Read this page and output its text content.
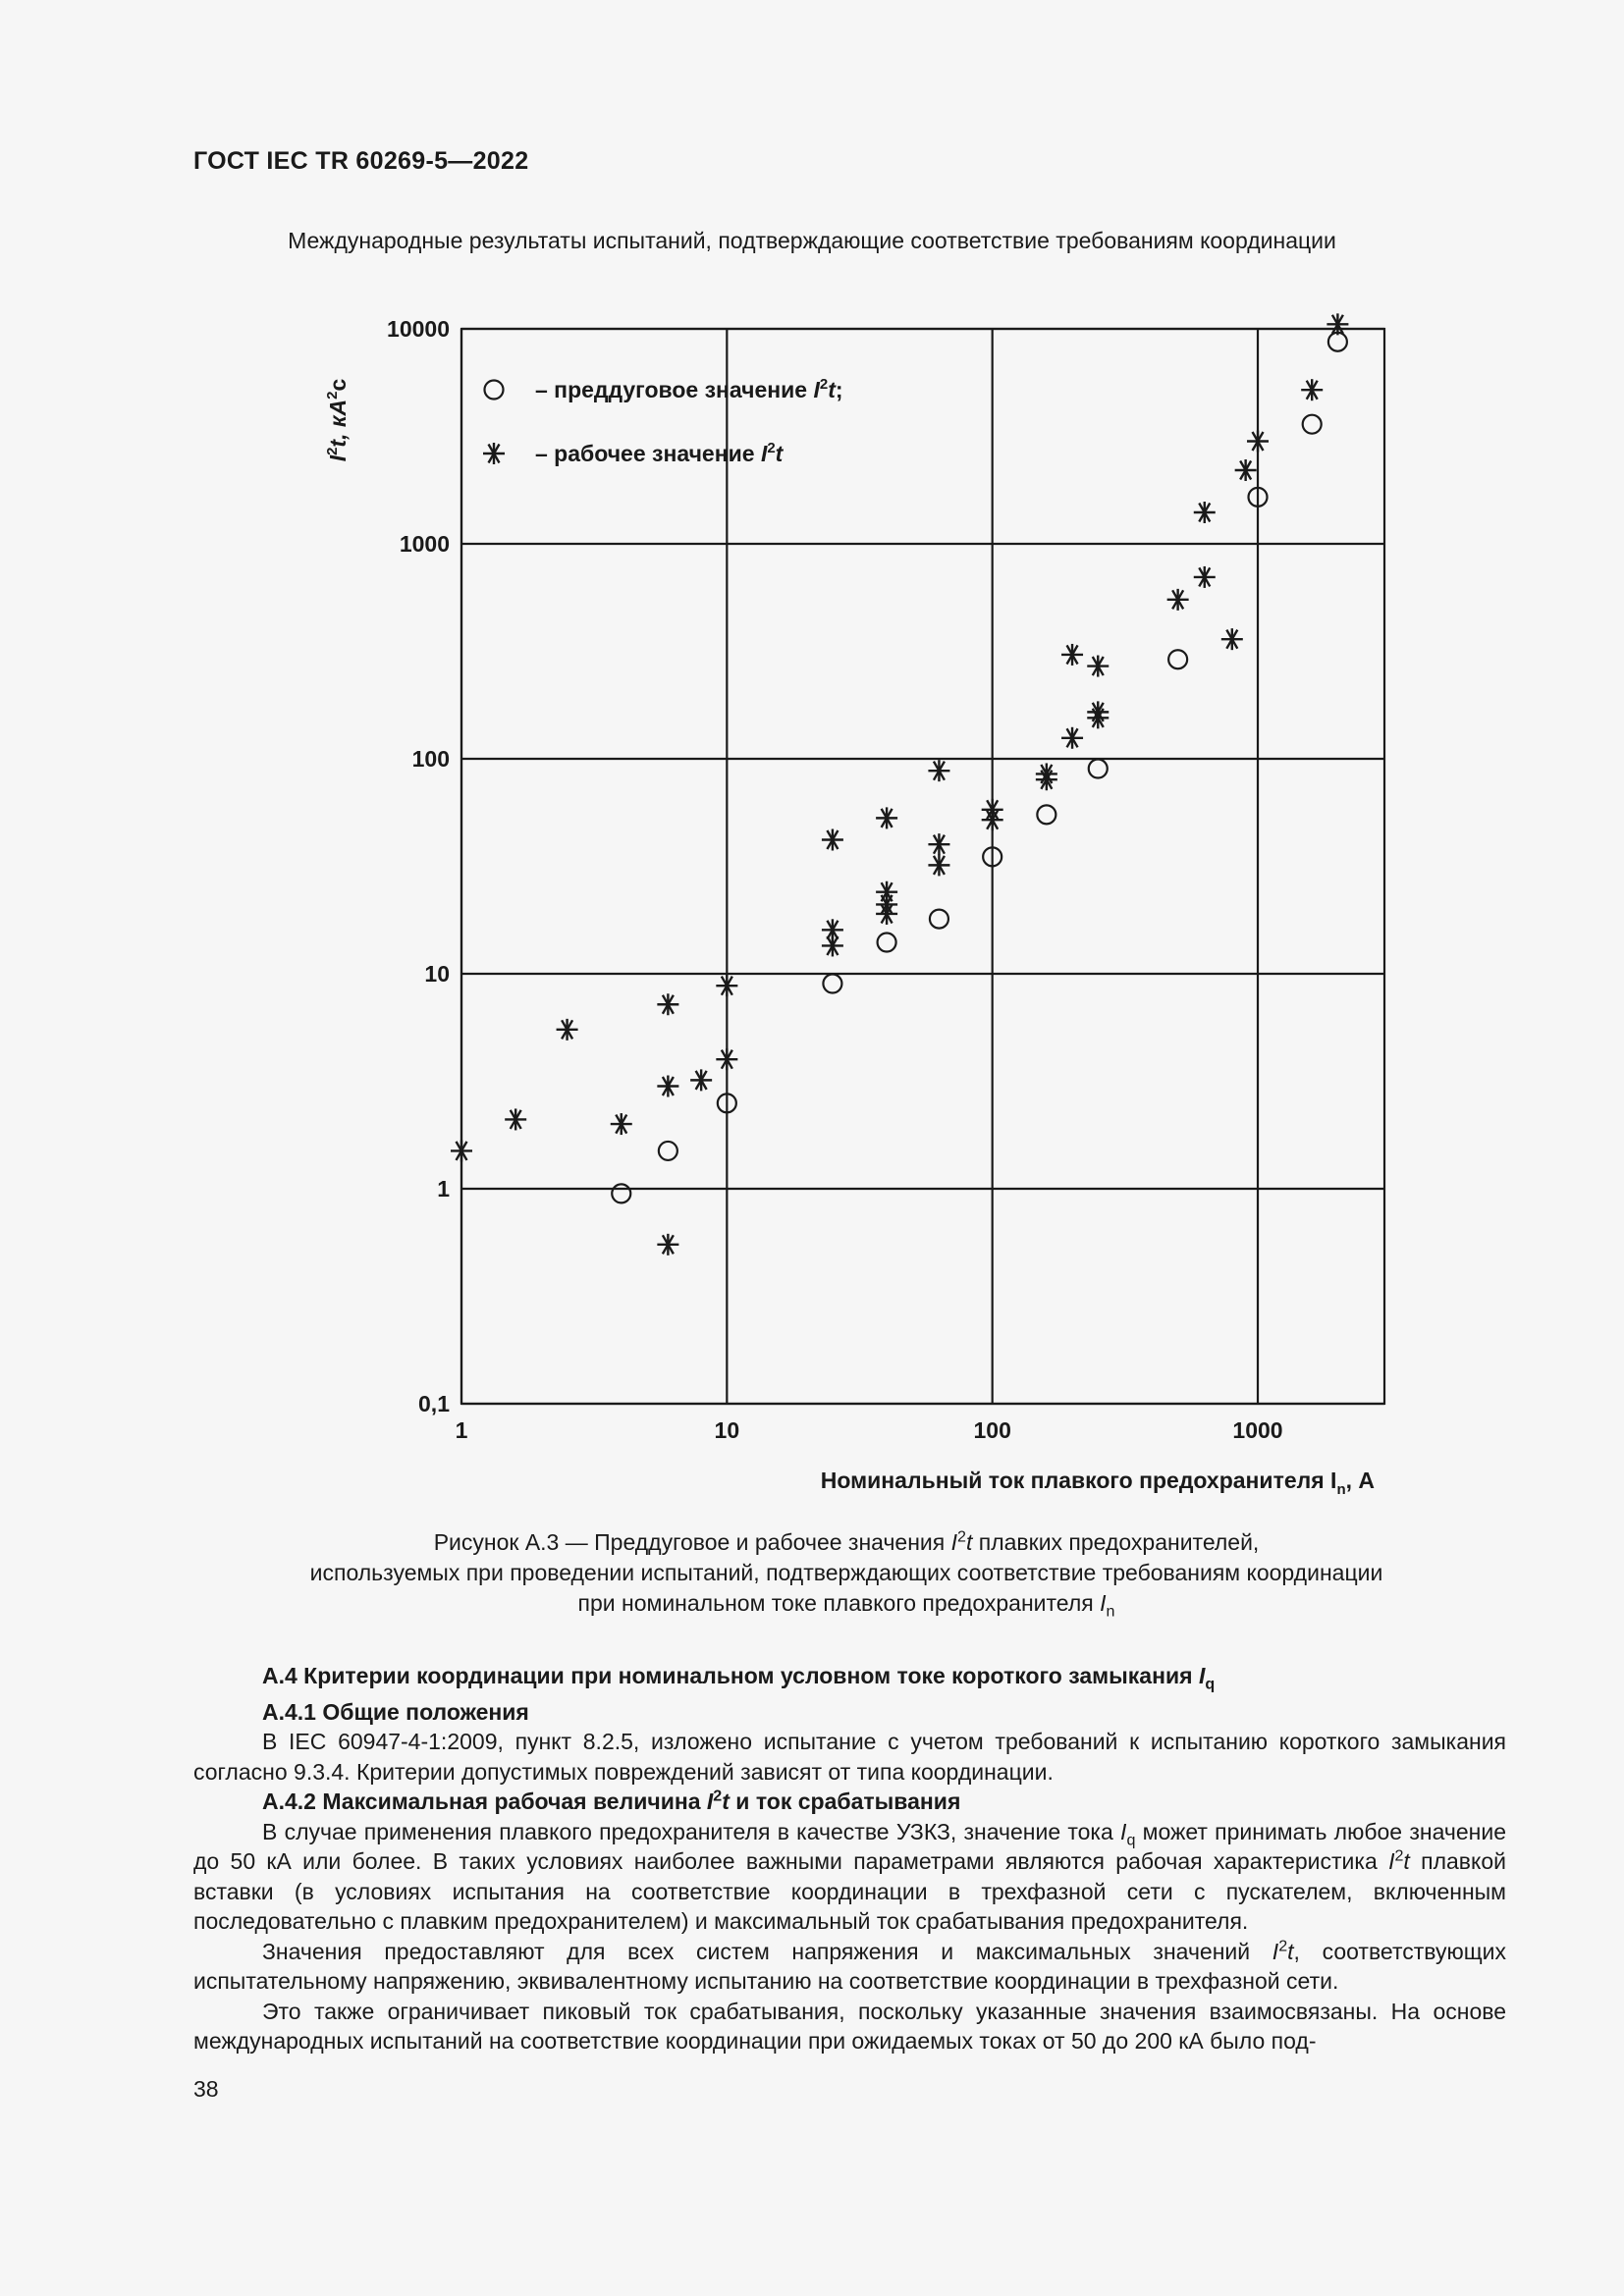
ГОСТ IEC TR 60269-5—2022
Международные результаты испытаний, подтверждающие соответствие требованиям координации
1	10	100	1000
0,1
1
10
100
1000
10000
– преддуговое значение $I^2t$;
– рабочее значение $I^2t$
$I^2t$, $кА^2с$
Номинальный ток плавкого предохранителя $I_n$, А
Рисунок А.3 — Преддуговое и рабочее значения $I^2t$ плавких предохранителей,
используемых при проведении испытаний, подтверждающих соответствие требованиям координации
при номинальном токе плавкого предохранителя $I_n$

А.4 Критерии координации при номинальном условном токе короткого замыкания $I_q$

А.4.1 Общие положения

В IEC 60947-4-1:2009, пункт 8.2.5, изложено испытание с учетом требований к испытанию короткого замыкания согласно 9.3.4. Критерии допустимых повреждений зависят от типа координации.

А.4.2 Максимальная рабочая величина $I^2t$ и ток срабатывания

В случае применения плавкого предохранителя в качестве УЗКЗ, значение тока $I_q$ может принимать любое значение до 50 кА или более. В таких условиях наиболее важными параметрами являются рабочая характеристика $I^2t$ плавкой вставки (в условиях испытания на соответствие координации в трехфазной сети с пускателем, включенным последовательно с плавким предохранителем) и максимальный ток срабатывания предохранителя.

Значения предоставляют для всех систем напряжения и максимальных значений $I^2t$, соответствующих испытательному напряжению, эквивалентному испытанию на соответствие координации в трехфазной сети.

Это также ограничивает пиковый ток срабатывания, поскольку указанные значения взаимосвязаны. На основе международных испытаний на соответствие координации при ожидаемых токах от 50 до 200 кА было под-

38
